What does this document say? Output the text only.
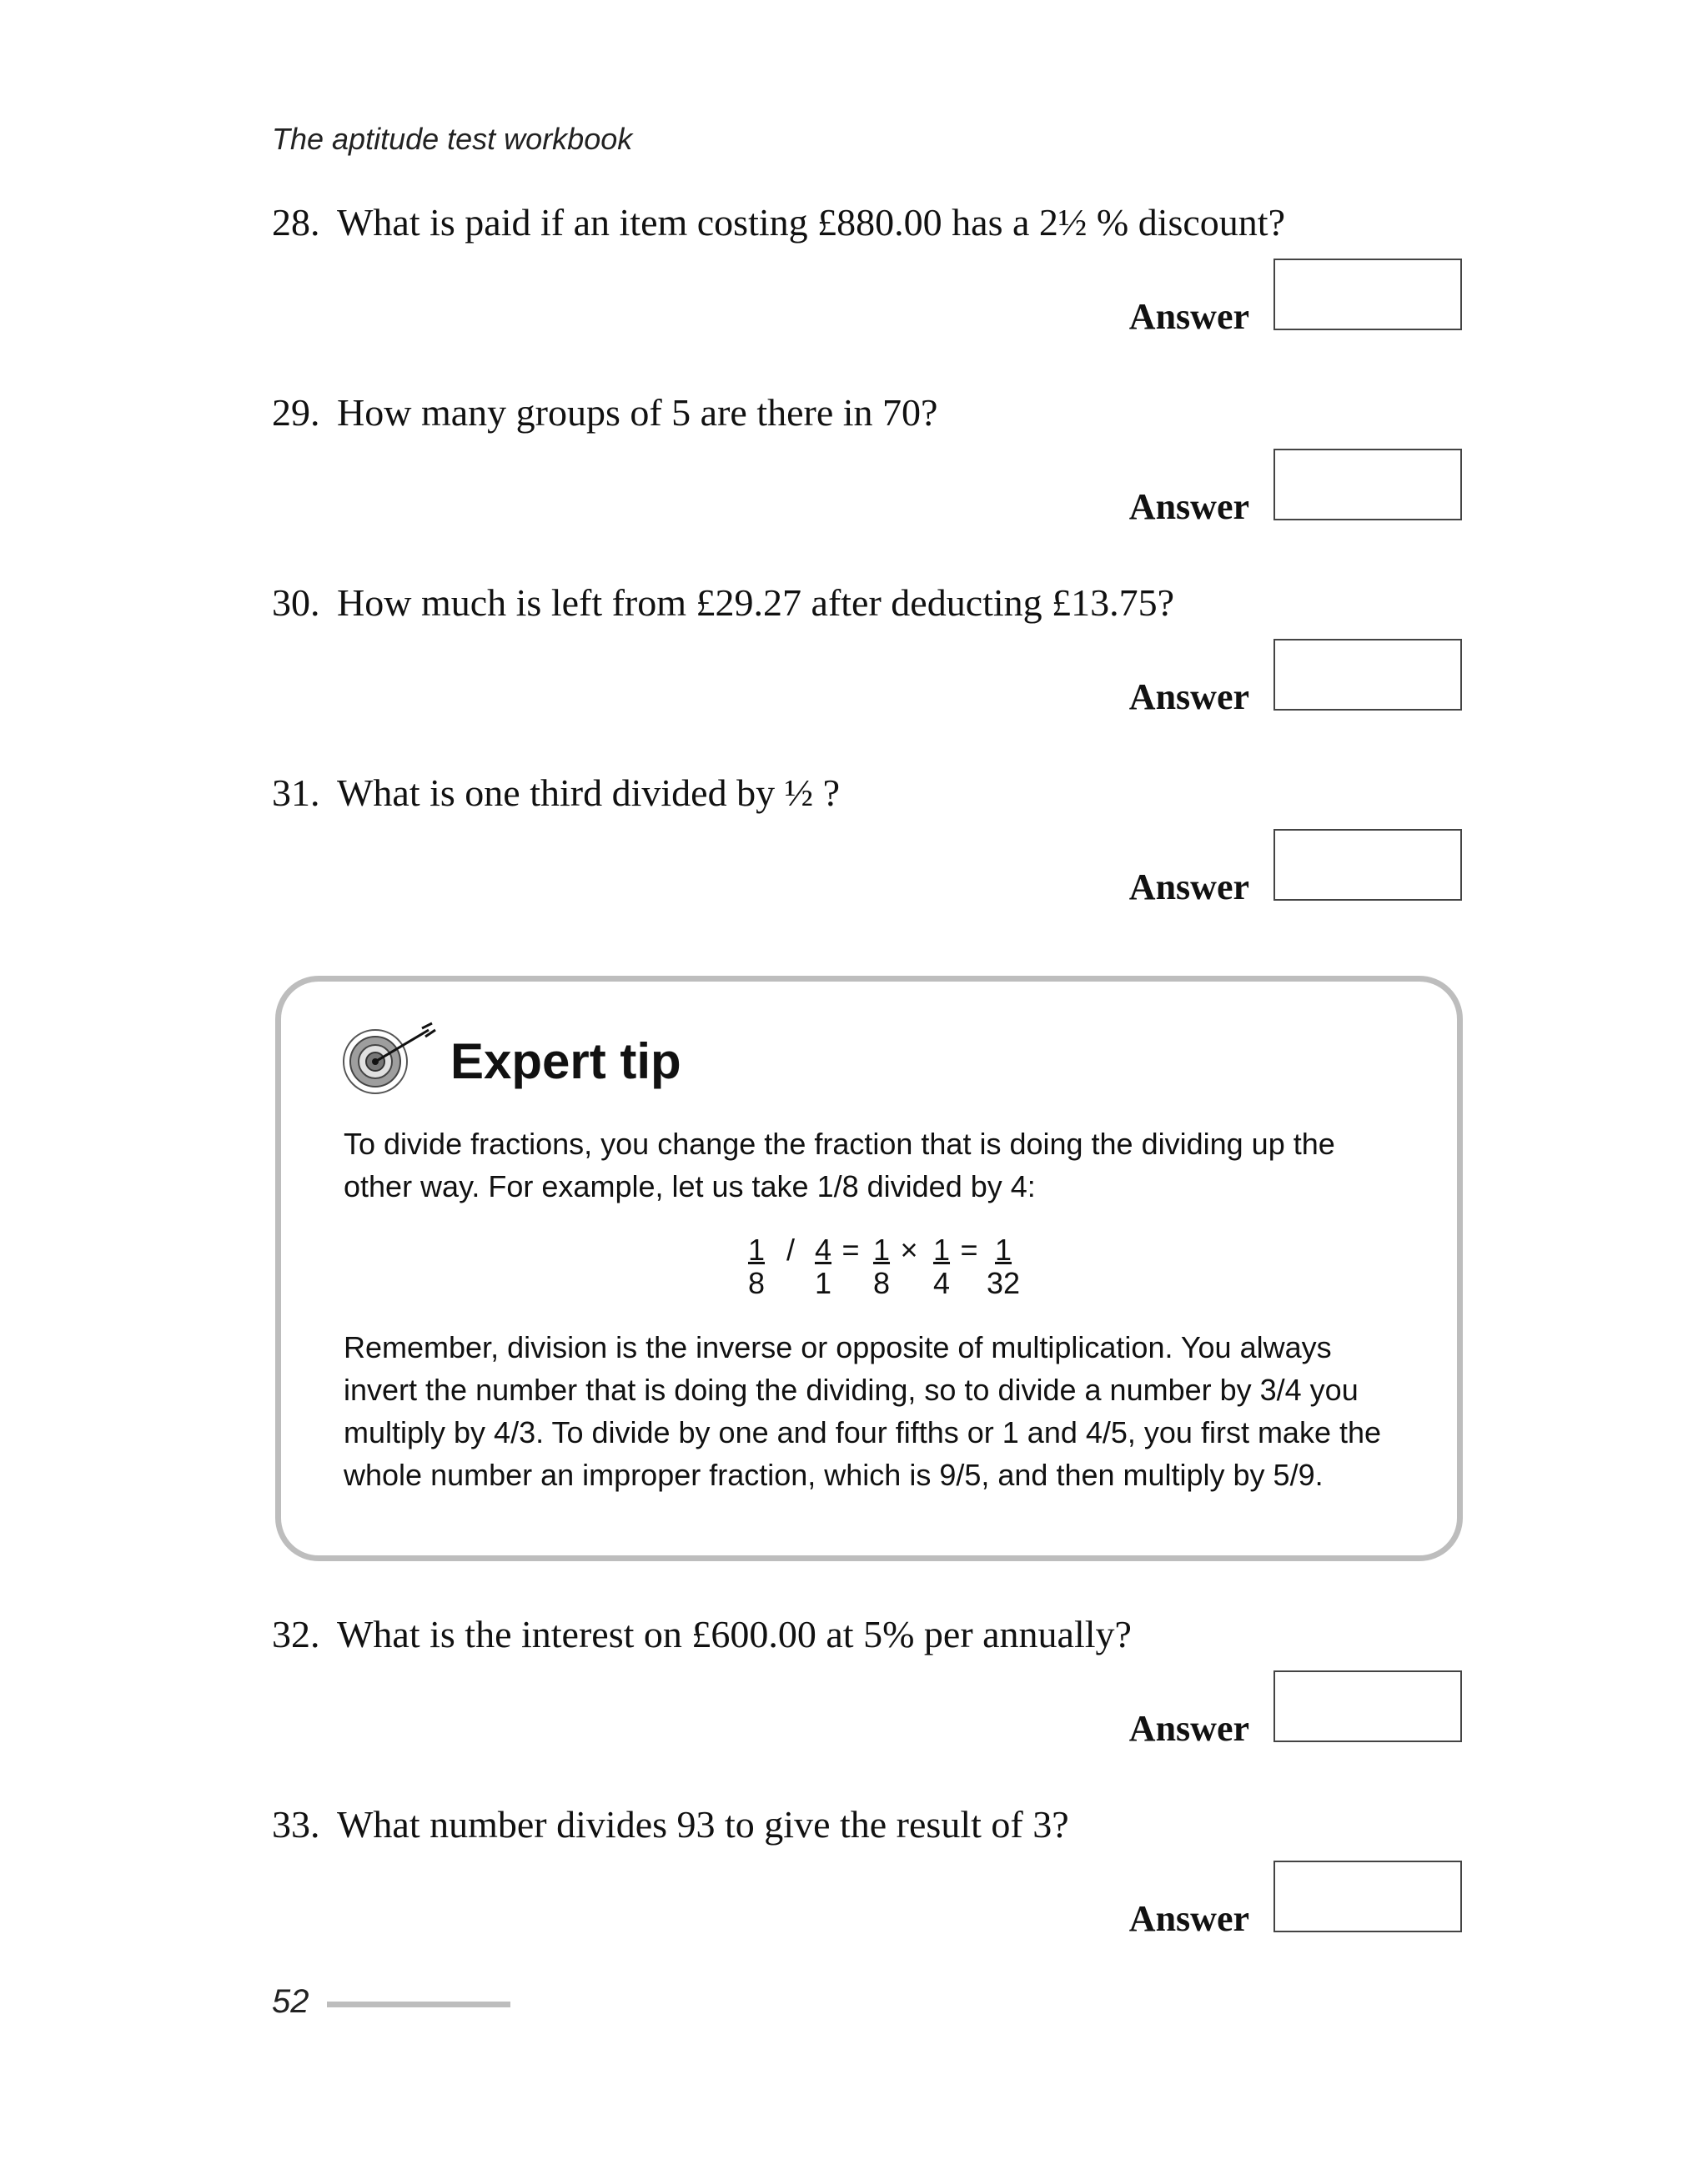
The aptitude test workbook
28. What is paid if an item costing £880.00 has a 2½ % discount?
Answer
29. How many groups of 5 are there in 70?
Answer
30. How much is left from £29.27 after deducting £13.75?
Answer
31. What is one third divided by ½ ?
Answer
Expert tip

To divide fractions, you change the fraction that is doing the dividing up the other way. For example, let us take 1/8 divided by 4:

1
8
/ 4
1
= 1
8
× 1
4
= 1
32

Remember, division is the inverse or opposite of multiplication. You always invert the number that is doing the dividing, so to divide a number by 3/4 you multiply by 4/3. To divide by one and four fifths or 1 and 4/5, you first make the whole number an improper fraction, which is 9/5, and then multiply by 5/9.

32. What is the interest on £600.00 at 5% per annually?
Answer
33. What number divides 93 to give the result of 3?
Answer
52
